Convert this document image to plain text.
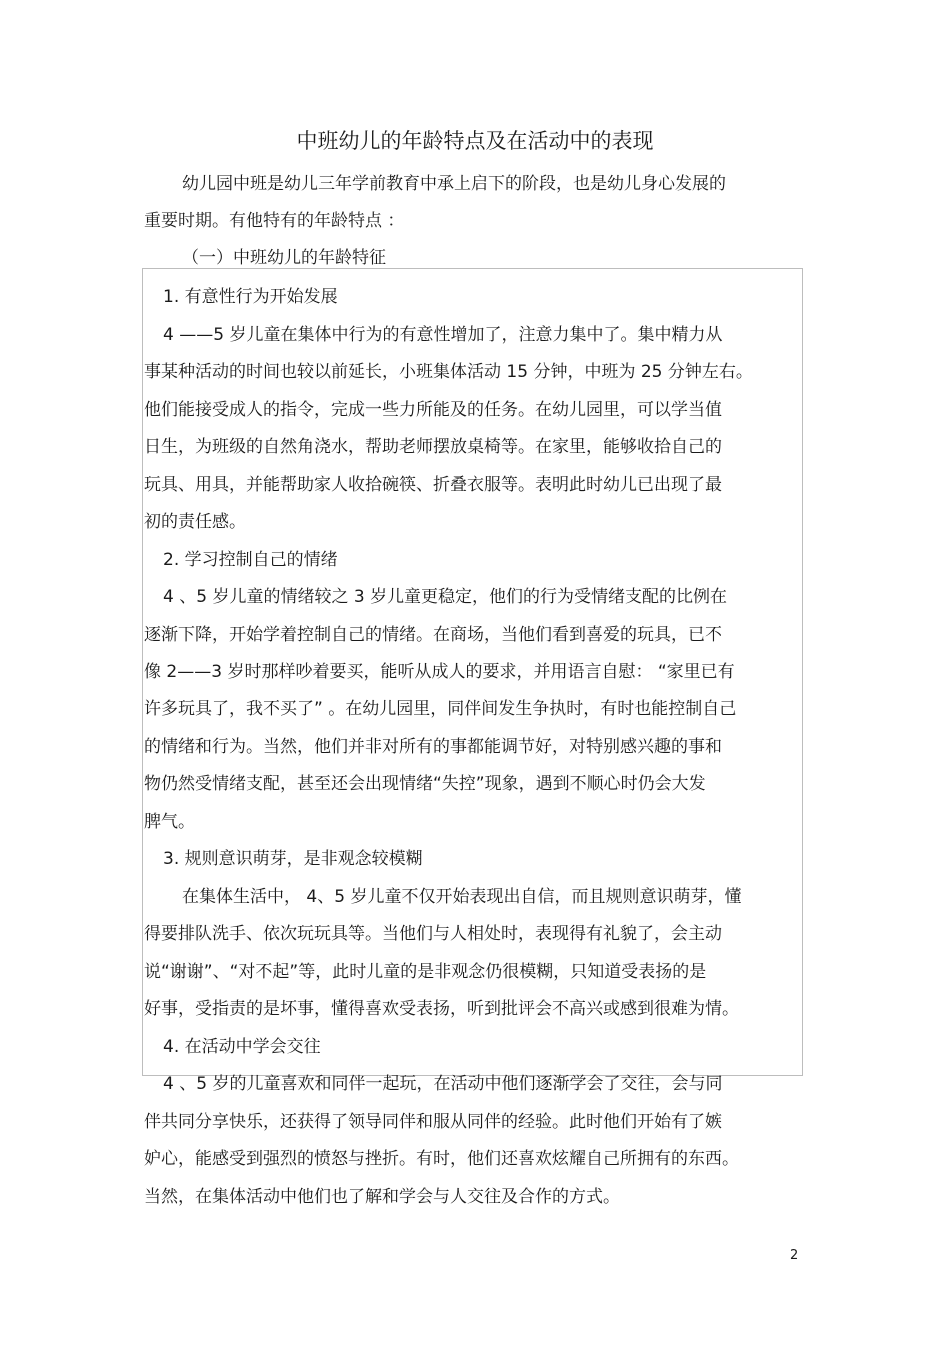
中班幼儿的年龄特点及在活动中的表现
幼儿园中班是幼儿三年学前教育中承上启下的阶段，也是幼儿身心发展的
重要时期。有他特有的年龄特点 ：
（一）中班幼儿的年龄特征
1. 有意性行为开始发展
4 ——5 岁儿童在集体中行为的有意性增加了，注意力集中了。集中精力从
事某种活动的时间也较以前延长，小班集体活动 15 分钟，中班为 25 分钟左右。
他们能接受成人的指令，完成一些力所能及的任务。在幼儿园里，可以学当值
日生，为班级的自然角浇水，帮助老师摆放桌椅等。在家里，能够收拾自己的
玩具、用具，并能帮助家人收拾碗筷、折叠衣服等。表明此时幼儿已出现了最
初的责任感。
2. 学习控制自己的情绪
4 、5 岁儿童的情绪较之 3 岁儿童更稳定，他们的行为受情绪支配的比例在
逐渐下降，开始学着控制自己的情绪。在商场，当他们看到喜爱的玩具，已不
像 2——3 岁时那样吵着要买，能听从成人的要求，并用语言自慰： “家里已有
许多玩具了，我不买了” 。在幼儿园里，同伴间发生争执时，有时也能控制自己
的情绪和行为。当然，他们并非对所有的事都能调节好，对特别感兴趣的事和
物仍然受情绪支配，甚至还会出现情绪“失控”现象，遇到不顺心时仍会大发
脾气。
3. 规则意识萌芽，是非观念较模糊
在集体生活中， 4、5 岁儿童不仅开始表现出自信，而且规则意识萌芽，懂
得要排队洗手、依次玩玩具等。当他们与人相处时，表现得有礼貌了，会主动
说“谢谢”、“对不起”等，此时儿童的是非观念仍很模糊，只知道受表扬的是
好事，受指责的是坏事，懂得喜欢受表扬，听到批评会不高兴或感到很难为情。
4. 在活动中学会交往
4 、5 岁的儿童喜欢和同伴一起玩，在活动中他们逐渐学会了交往，会与同
伴共同分享快乐，还获得了领导同伴和服从同伴的经验。此时他们开始有了嫉
妒心，能感受到强烈的愤怒与挫折。有时，他们还喜欢炫耀自己所拥有的东西。
当然，在集体活动中他们也了解和学会与人交往及合作的方式。
2
